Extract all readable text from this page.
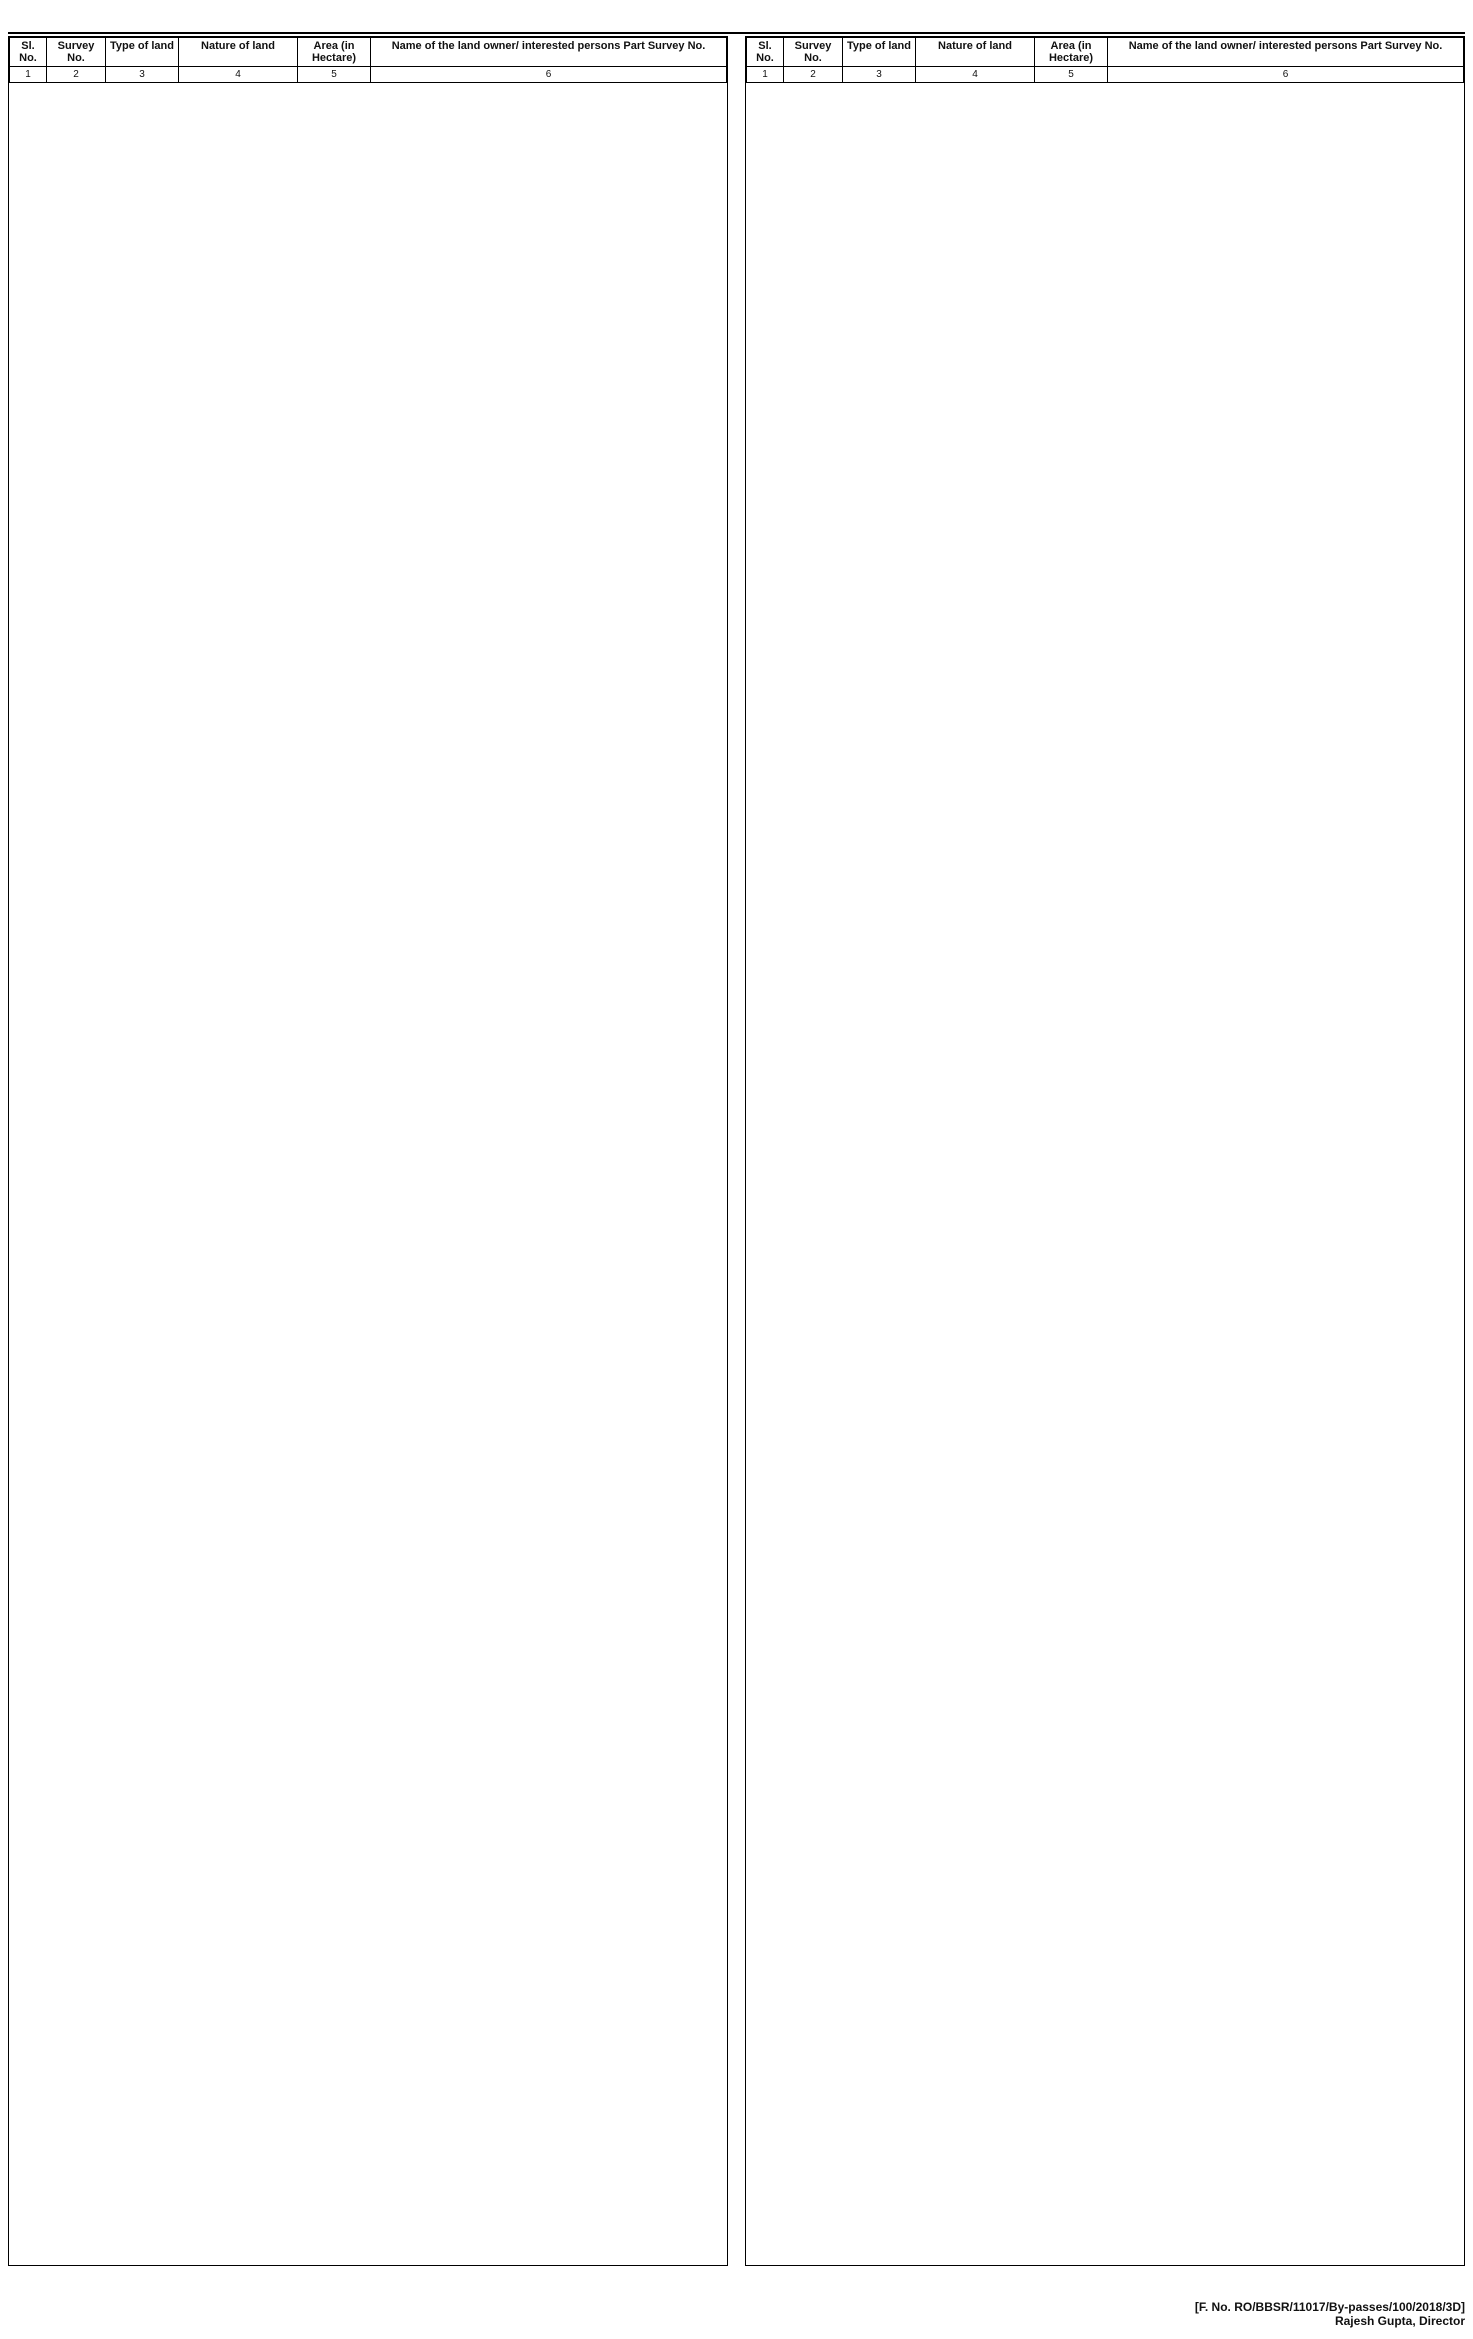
Sl. No.	Survey No.	Type of land	Nature of land	Area (in Hectare)	Name of the land owner/ interested persons Part Survey No.
1	2	3	4	5	6
Sl. No.	Survey No.	Type of land	Nature of land	Area (in Hectare)	Name of the land owner/ interested persons Part Survey No.
1	2	3	4	5	6
[F. No. RO/BBSR/11017/By-passes/100/2018/3D]
Rajesh Gupta, Director
